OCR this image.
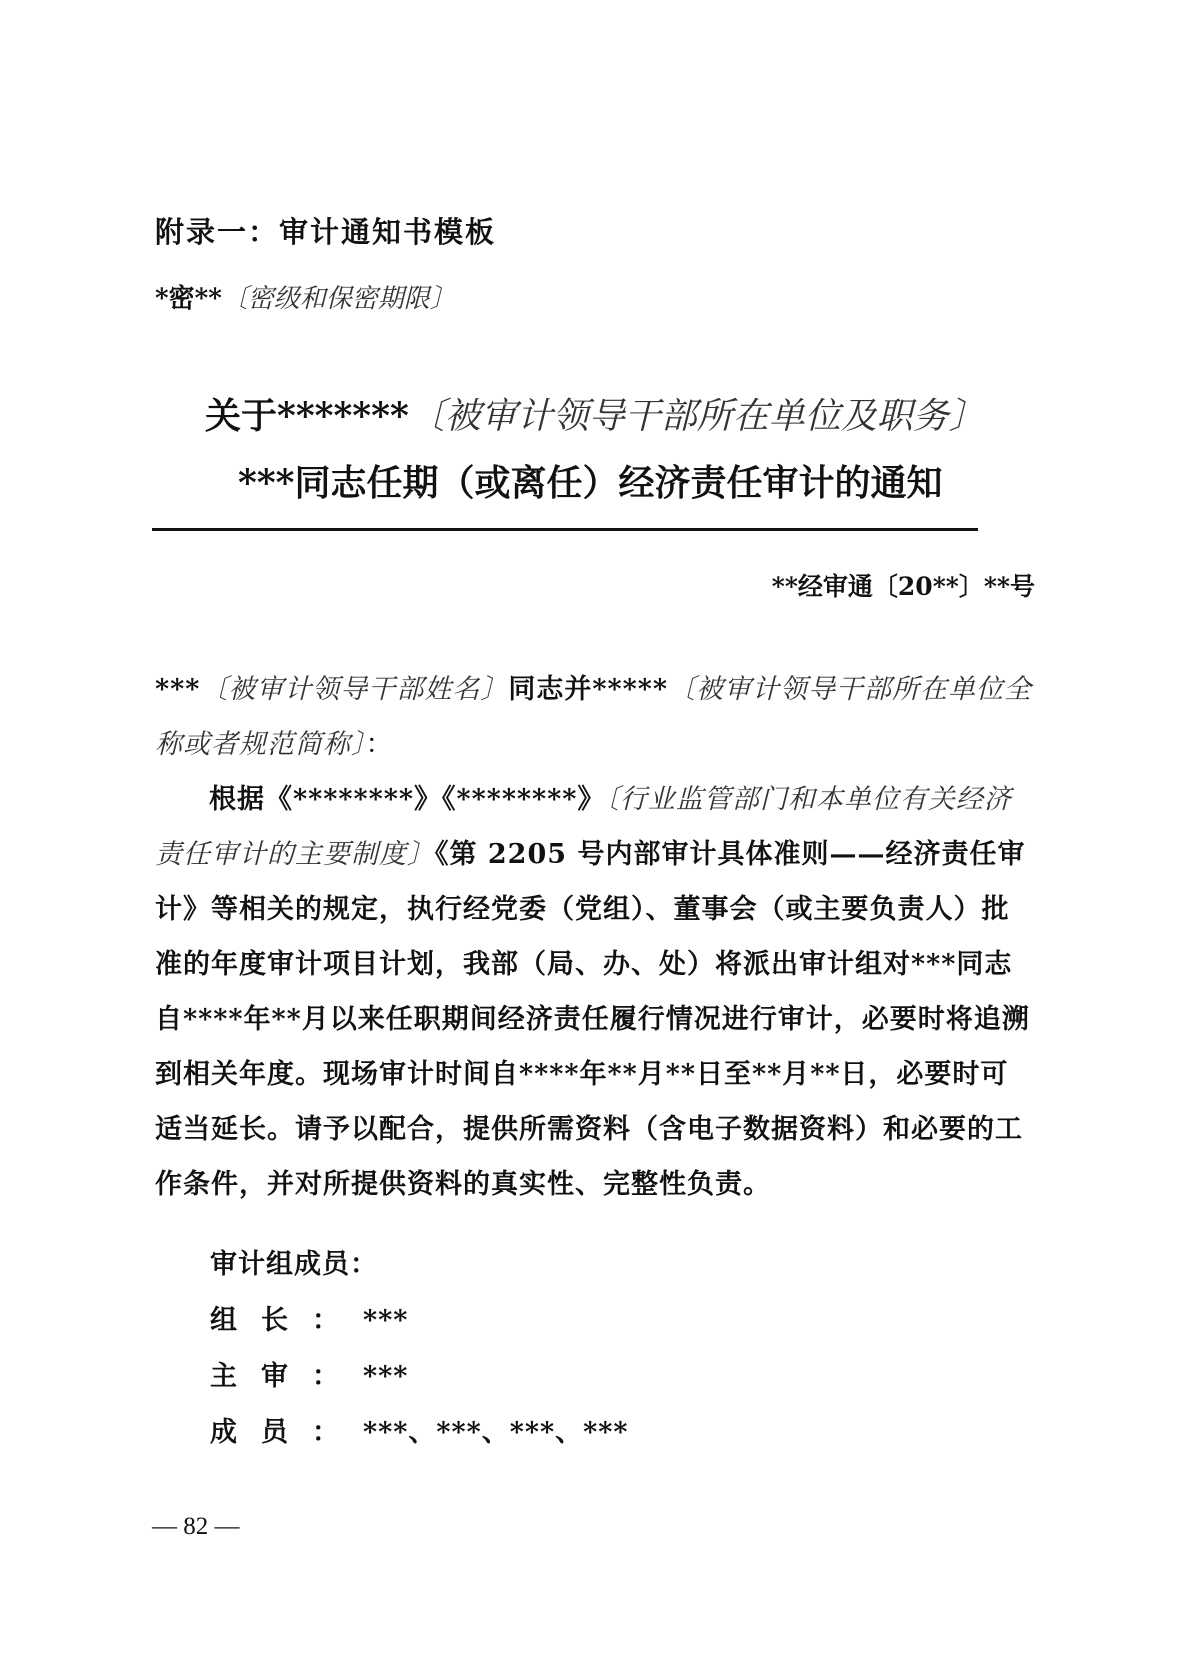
附录一：审计通知书模板
*密**〔密级和保密期限〕
关于*******〔被审计领导干部所在单位及职务〕
***同志任期（或离任）经济责任审计的通知
**经审通〔20**〕**号
***〔被审计领导干部姓名〕同志并*****〔被审计领导干部所在单位全称或者规范简称〕：
根据《********》《********》〔行业监管部门和本单位有关经济责任审计的主要制度〕《第 2205 号内部审计具体准则——经济责任审计》等相关的规定，执行经党委（党组）、董事会（或主要负责人）批准的年度审计项目计划，我部（局、办、处）将派出审计组对***同志自****年**月以来任职期间经济责任履行情况进行审计，必要时将追溯到相关年度。现场审计时间自****年**月**日至**月**日，必要时可适当延长。请予以配合，提供所需资料（含电子数据资料）和必要的工作条件，并对所提供资料的真实性、完整性负责。
审计组成员：
组长：***
主审：***
成员：***、***、***、***
— 82 —
